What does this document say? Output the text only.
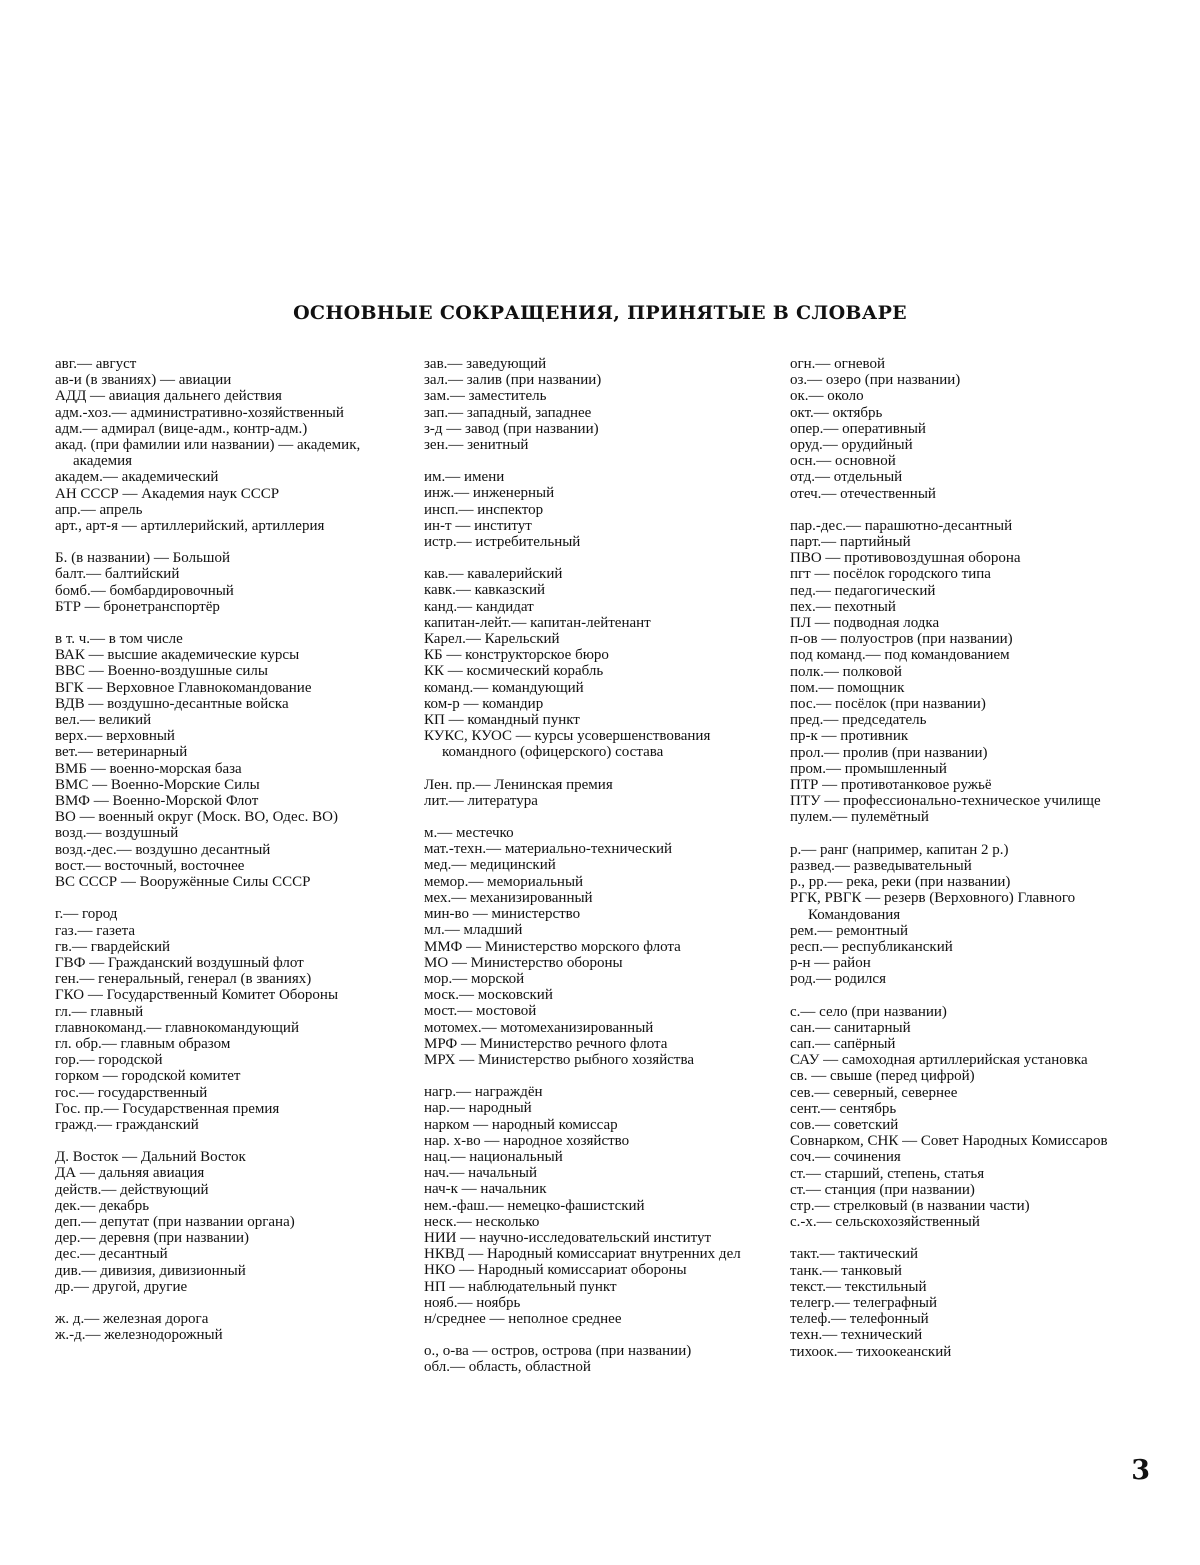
ОСНОВНЫЕ СОКРАЩЕНИЯ, ПРИНЯТЫЕ В СЛОВАРЕ
авг.— август
ав-и (в званиях) — авиации
АДД — авиация дальнего действия
адм.-хоз.— административно-хозяйственный
адм.— адмирал (вице-адм., контр-адм.)
акад. (при фамилии или названии) — академик, академия
академ.— академический
АН СССР — Академия наук СССР
апр.— апрель
арт., арт-я — артиллерийский, артиллерия
Б. (в названии) — Большой
балт.— балтийский
бомб.— бомбардировочный
БТР — бронетранспортёр
в т. ч.— в том числе
ВАК — высшие академические курсы
ВВС — Военно-воздушные силы
ВГК — Верховное Главнокомандование
ВДВ — воздушно-десантные войска
вел.— великий
верх.— верховный
вет.— ветеринарный
ВМБ — военно-морская база
ВМС — Военно-Морские Силы
ВМФ — Военно-Морской Флот
ВО — военный округ (Моск. ВО, Одес. ВО)
возд.— воздушный
возд.-дес.— воздушно десантный
вост.— восточный, восточнее
ВС СССР — Вооружённые Силы СССР
г.— город
газ.— газета
гв.— гвардейский
ГВФ — Гражданский воздушный флот
ген.— генеральный, генерал (в званиях)
ГКО — Государственный Комитет Обороны
гл.— главный
главнокоманд.— главнокомандующий
гл. обр.— главным образом
гор.— городской
горком — городской комитет
гос.— государственный
Гос. пр.— Государственная премия
гражд.— гражданский
Д. Восток — Дальний Восток
ДА — дальняя авиация
действ.— действующий
дек.— декабрь
деп.— депутат (при названии органа)
дер.— деревня (при названии)
дес.— десантный
див.— дивизия, дивизионный
др.— другой, другие
ж. д.— железная дорога
ж.-д.— железнодорожный
зав.— заведующий
зал.— залив (при названии)
зам.— заместитель
зап.— западный, западнее
з-д — завод (при названии)
зен.— зенитный
им.— имени
инж.— инженерный
инсп.— инспектор
ин-т — институт
истр.— истребительный
кав.— кавалерийский
кавк.— кавказский
канд.— кандидат
капитан-лейт.— капитан-лейтенант
Карел.— Карельский
КБ — конструкторское бюро
КК — космический корабль
команд.— командующий
ком-р — командир
КП — командный пункт
КУКС, КУОС — курсы усовершенствования командного (офицерского) состава
Лен. пр.— Ленинская премия
лит.— литература
м.— местечко
мат.-техн.— материально-технический
мед.— медицинский
мемор.— мемориальный
мех.— механизированный
мин-во — министерство
мл.— младший
ММФ — Министерство морского флота
МО — Министерство обороны
мор.— морской
моск.— московский
мост.— мостовой
мотомех.— мотомеханизированный
МРФ — Министерство речного флота
МРХ — Министерство рыбного хозяйства
нагр.— награждён
нар.— народный
нарком — народный комиссар
нар. х-во — народное хозяйство
нац.— национальный
нач.— начальный
нач-к — начальник
нем.-фаш.— немецко-фашистский
неск.— несколько
НИИ — научно-исследовательский институт
НКВД — Народный комиссариат внутренних дел
НКО — Народный комиссариат обороны
НП — наблюдательный пункт
нояб.— ноябрь
н/среднее — неполное среднее
о., о-ва — остров, острова (при названии)
обл.— область, областной
огн.— огневой
оз.— озеро (при названии)
ок.— около
окт.— октябрь
опер.— оперативный
оруд.— орудийный
осн.— основной
отд.— отдельный
отеч.— отечественный
пар.-дес.— парашютно-десантный
парт.— партийный
ПВО — противовоздушная оборона
пгт — посёлок городского типа
пед.— педагогический
пех.— пехотный
ПЛ — подводная лодка
п-ов — полуостров (при названии)
под команд.— под командованием
полк.— полковой
пом.— помощник
пос.— посёлок (при названии)
пред.— председатель
пр-к — противник
прол.— пролив (при названии)
пром.— промышленный
ПТР — противотанковое ружьё
ПТУ — профессионально-техническое училище
пулем.— пулемётный
р.— ранг (например, капитан 2 р.)
развед.— разведывательный
р., рр.— река, реки (при названии)
РГК, РВГК — резерв (Верховного) Главного Командования
рем.— ремонтный
респ.— республиканский
р-н — район
род.— родился
с.— село (при названии)
сан.— санитарный
сап.— сапёрный
САУ — самоходная артиллерийская установка
св. — свыше (перед цифрой)
сев.— северный, севернее
сент.— сентябрь
сов.— советский
Совнарком, СНК — Совет Народных Комиссаров
соч.— сочинения
ст.— старший, степень, статья
ст.— станция (при названии)
стр.— стрелковый (в названии части)
с.-х.— сельскохозяйственный
такт.— тактический
танк.— танковый
текст.— текстильный
телегр.— телеграфный
телеф.— телефонный
техн.— технический
тихоок.— тихоокеанский
3
